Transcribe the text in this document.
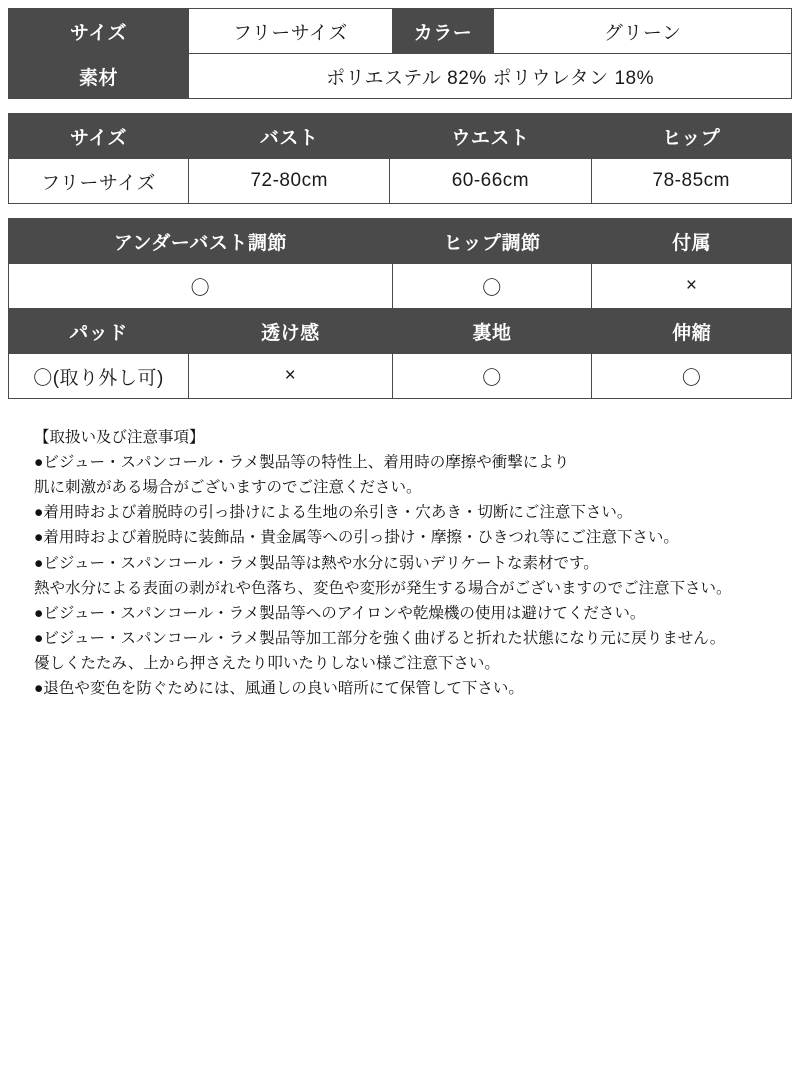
サイズ	フリーサイズ	カラー	グリーン
素材	ポリエステル 82% ポリウレタン 18%		
サイズ	バスト	ウエスト	ヒップ
フリーサイズ	72-80cm	60-66cm	78-85cm
アンダーバスト調節		ヒップ調節	付属
〇		〇	×
パッド	透け感	裏地	伸縮
〇(取り外し可)	×	〇	〇
【取扱い及び注意事項】
●ビジュー・スパンコール・ラメ製品等の特性上、着用時の摩擦や衝撃により
肌に刺激がある場合がございますのでご注意ください。
●着用時および着脱時の引っ掛けによる生地の糸引き・穴あき・切断にご注意下さい。
●着用時および着脱時に装飾品・貴金属等への引っ掛け・摩擦・ひきつれ等にご注意下さい。
●ビジュー・スパンコール・ラメ製品等は熱や水分に弱いデリケートな素材です。
熱や水分による表面の剥がれや色落ち、変色や変形が発生する場合がございますのでご注意下さい。
●ビジュー・スパンコール・ラメ製品等へのアイロンや乾燥機の使用は避けてください。
●ビジュー・スパンコール・ラメ製品等加工部分を強く曲げると折れた状態になり元に戻りません。
優しくたたみ、上から押さえたり叩いたりしない様ご注意下さい。
●退色や変色を防ぐためには、風通しの良い暗所にて保管して下さい。
